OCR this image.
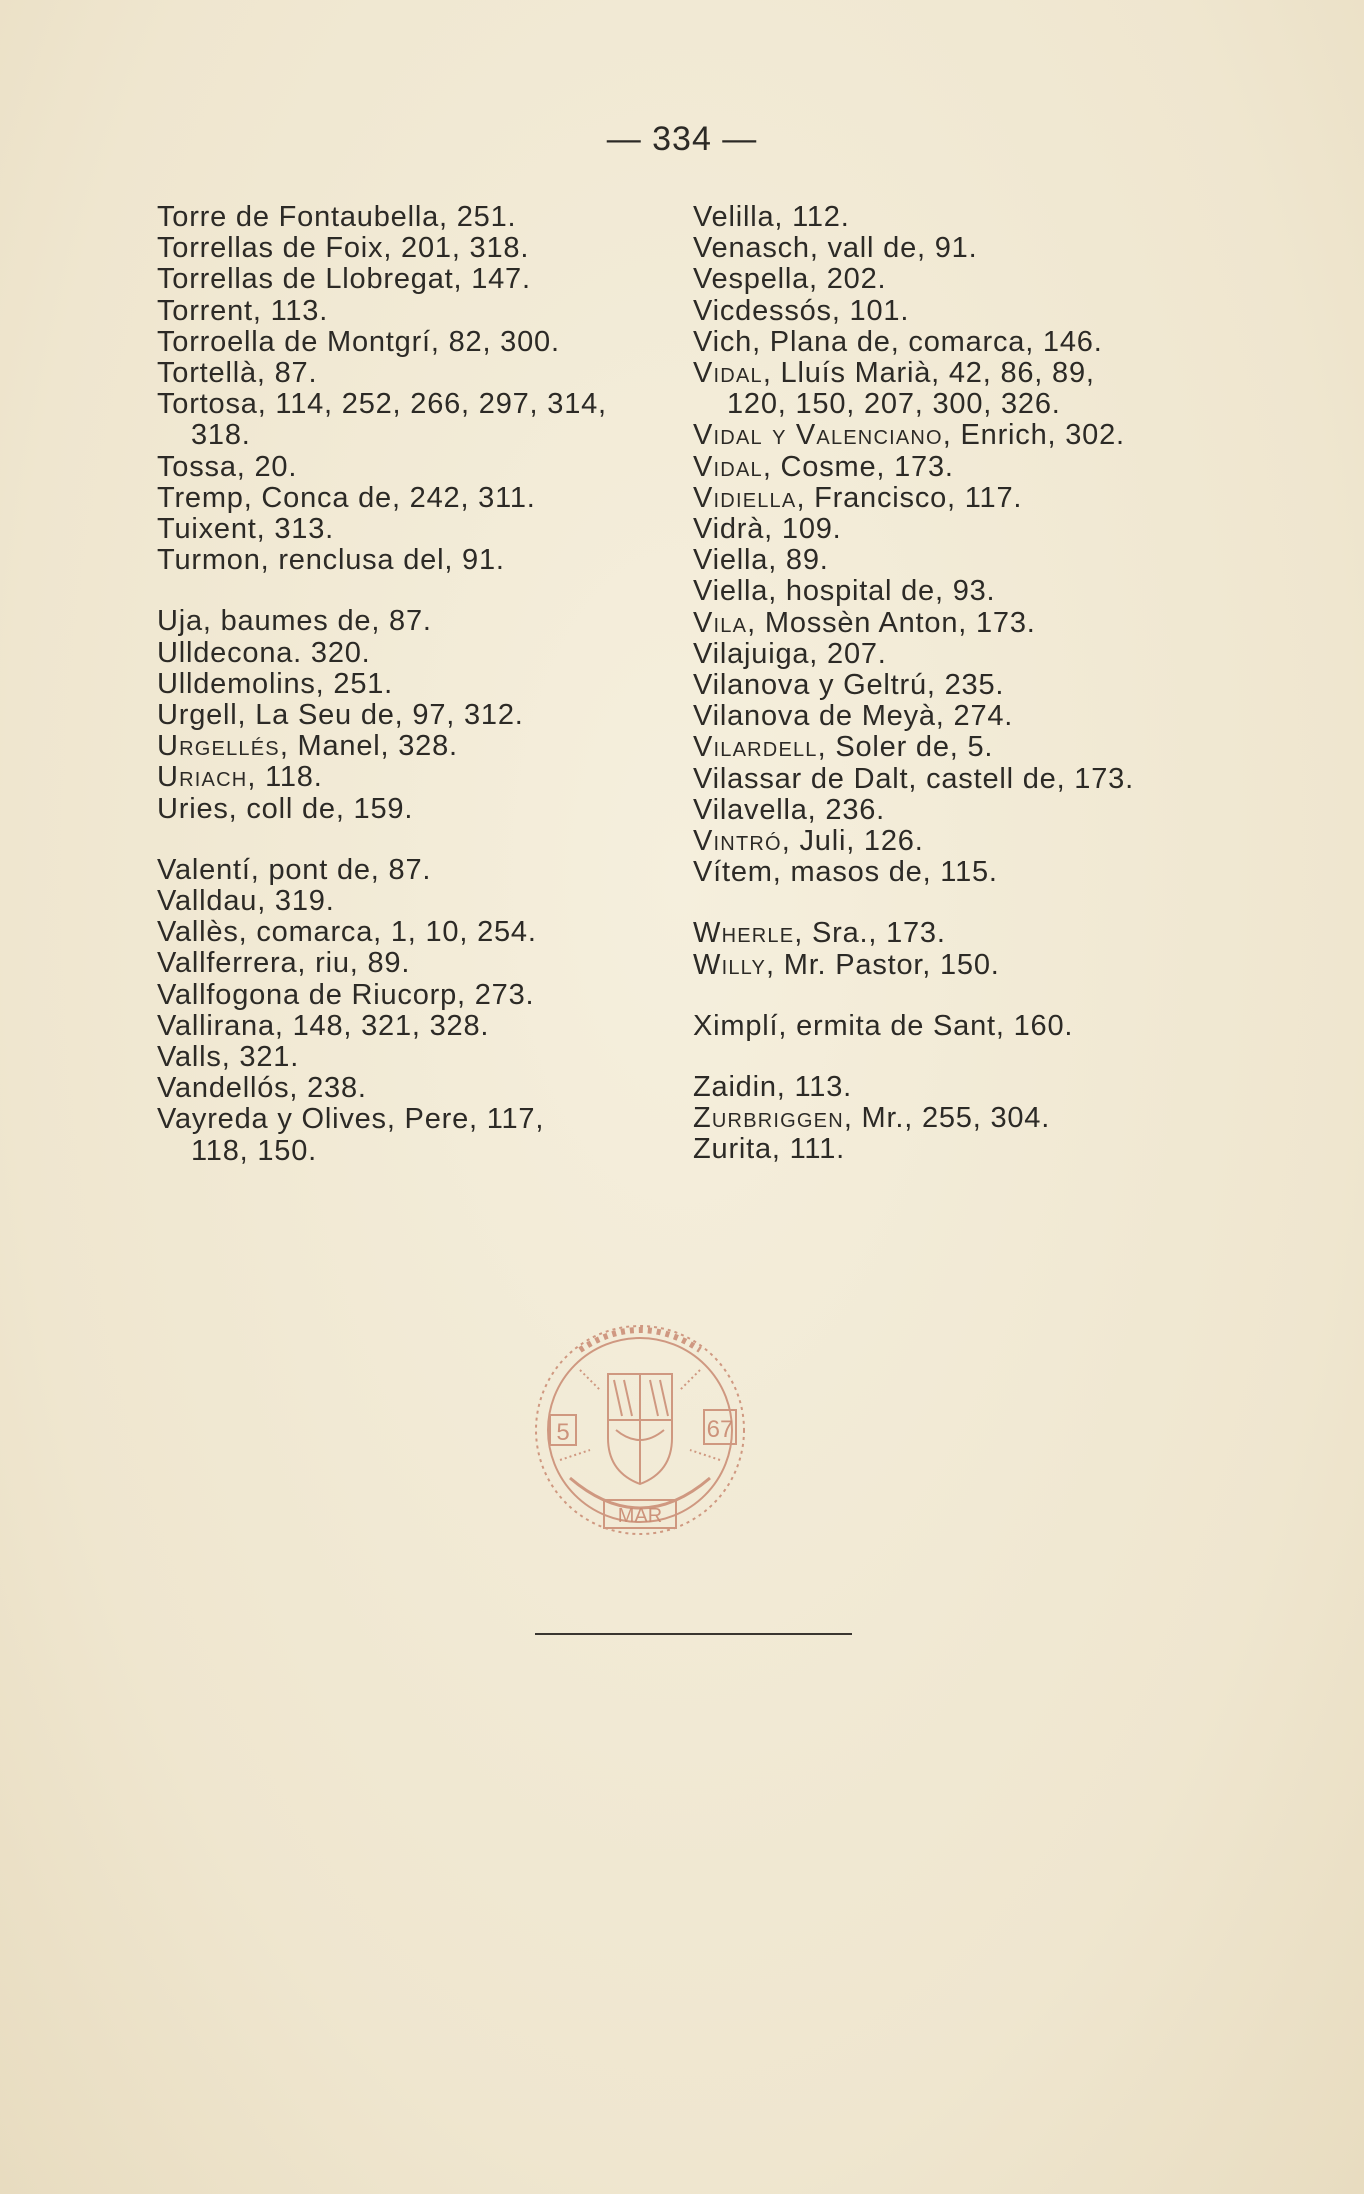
— 334 —
Torre de Fontaubella, 251.
Torrellas de Foix, 201, 318.
Torrellas de Llobregat, 147.
Torrent, 113.
Torroella de Montgrí, 82, 300.
Tortellà, 87.
Tortosa, 114, 252, 266, 297, 314,
318.
Tossa, 20.
Tremp, Conca de, 242, 311.
Tuixent, 313.
Turmon, renclusa del, 91.
Uja, baumes de, 87.
Ulldecona. 320.
Ulldemolins, 251.
Urgell, La Seu de, 97, 312.
Urgellés, Manel, 328.
Uriach, 118.
Uries, coll de, 159.
Valentí, pont de, 87.
Valldau, 319.
Vallès, comarca, 1, 10, 254.
Vallferrera, riu, 89.
Vallfogona de Riucorp, 273.
Vallirana, 148, 321, 328.
Valls, 321.
Vandellós, 238.
Vayreda y Olives, Pere, 117,
118, 150.
Velilla, 112.
Venasch, vall de, 91.
Vespella, 202.
Vicdessós, 101.
Vich, Plana de, comarca, 146.
Vidal, Lluís Marià, 42, 86, 89,
120, 150, 207, 300, 326.
Vidal y Valenciano, Enrich, 302.
Vidal, Cosme, 173.
Vidiella, Francisco, 117.
Vidrà, 109.
Viella, 89.
Viella, hospital de, 93.
Vila, Mossèn Anton, 173.
Vilajuiga, 207.
Vilanova y Geltrú, 235.
Vilanova de Meyà, 274.
Vilardell, Soler de, 5.
Vilassar de Dalt, castell de, 173.
Vilavella, 236.
Vintró, Juli, 126.
Vítem, masos de, 115.
Wherle, Sra., 173.
Willy, Mr. Pastor, 150.
Ximplí, ermita de Sant, 160.
Zaidin, 113.
Zurbriggen, Mr., 255, 304.
Zurita, 111.
5	67
MAR
